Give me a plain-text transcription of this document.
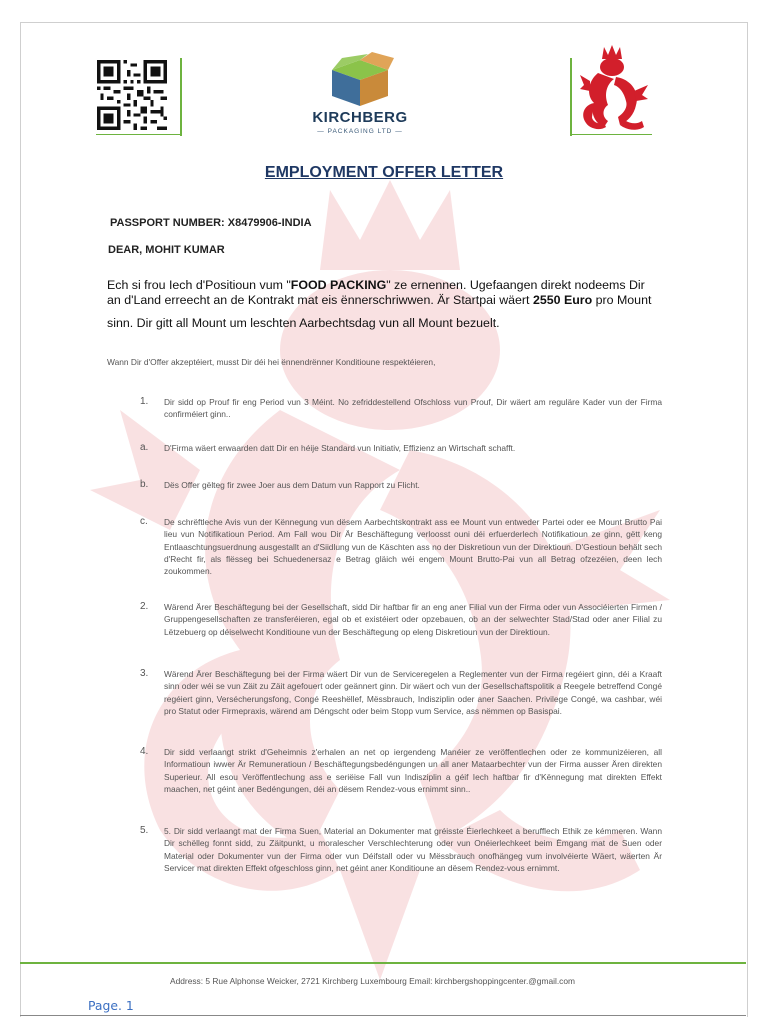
KIRCHBERG
— PACKAGING LTD —
EMPLOYMENT OFFER LETTER
PASSPORT NUMBER: X8479906-INDIA
DEAR, MOHIT KUMAR

Ech si frou Iech d'Positioun vum "FOOD PACKING" ze ernennen. Ugefaangen direkt nodeems Dir an d'Land erreecht an de Kontrakt mat eis ënnerschriwwen. Är Startpai wäert 2550 Euro pro Mount

sinn. Dir gitt all Mount um leschten Aarbechtsdag vun all Mount bezuelt.

Wann Dir d'Offer akzeptéiert, musst Dir déi hei ënnendrënner Konditioune respektéieren,
1.	Dir sidd op Prouf fir eng Period vun 3 Méint. No zefriddestellend Ofschloss vun Prouf, Dir wäert am reguläre Kader vun der Firma confirméiert ginn..
a.	D'Firma wäert erwaarden datt Dir en héije Standard vun Initiativ, Effizienz an Wirtschaft schafft.
b.	Dës Offer gëlteg fir zwee Joer aus dem Datum vun Rapport zu Flicht.
c.	De schrëftleche Avis vun der Kënnegung vun dësem Aarbechtskontrakt ass ee Mount vun entweder Partei oder ee Mount Brutto Pai lieu vun Notifikatioun Period. Am Fall wou Dir Är Beschäftegung verloosst ouni déi erfuerderlech Notifikatioun ze ginn, gëtt keng Entlaaschtungsuerdnung ausgestallt an d'Siidlung vun de Käschten ass no der Diskretioun vun der Direktioun. D'Gestioun behält sech d'Recht fir, als flësseg bei Schuedenersaz e Betrag gläich wéi engem Mount Brutto-Pai vun all Betrag ofzezéien, deen lech zoukommen.
2.	Wärend Ärer Beschäftegung bei der Gesellschaft, sidd Dir haftbar fir an eng aner Filial vun der Firma oder vun Associéierten Firmen / Gruppengesellschaften ze transferéieren, egal ob et existéiert oder opzebauen, ob an der selwechter Stad/Stad oder aner Filial zu Lëtzebuerg op déiselwecht Konditioune vun der Beschäftegung op eleng Diskretioun vun der Direktioun.
3.	Wärend Ärer Beschäftegung bei der Firma wäert Dir vun de Serviceregelen a Reglementer vun der Firma regéiert ginn, déi a Kraaft sinn oder wéi se vun Zäit zu Zäit agefouert oder geännert ginn. Dir wäert och vun der Gesellschaftspolitik a Reegele betreffend Congé regéiert ginn, Versécherungsfong, Congé Reeshëllef, Mëssbrauch, Indisziplin oder aner Saachen. Privilege Congé, wa cashbar, wéi pro Statut oder Firmepraxis, wärend am Déngscht oder beim Stopp vum Service, ass nëmmen op Basispai.
4.	Dir sidd verlaangt strikt d'Geheimnis z'erhalen an net op iergendeng Manéier ze veröffentlechen oder ze kommunizéieren, all Informatioun iwwer Är Remuneratioun / Beschäftegungsbedéngungen un all aner Mataarbechter vun der Firma ausser Ären direkten Superieur. All esou Veröffentlechung ass e seriëise Fall vun Indisziplin a géif Iech haftbar fir d'Kënnegung mat direkten Effekt maachen, net géint aner Bedéngungen, déi an dësem Rendez-vous ernimmt sinn..
5.	5. Dir sidd verlaangt mat der Firma Suen, Material an Dokumenter mat gréisste Éierlechkeet a berufflech Ethik ze kémmeren. Wann Dir schëlleg fonnt sidd, zu Zäitpunkt, u moralescher Verschlechterung oder vun Onéierlechkeet beim Ëmgang mat de Suen oder Material oder Dokumenter vun der Firma oder vun Déifstall oder vu Mëssbrauch onofhängeg vum involvéierte Wäert, wäerten Är Servicer mat direkten Effekt ofgeschloss ginn, net géint aner Konditioune an dësem Rendez-vous ernimmt.
Address: 5 Rue Alphonse Weicker, 2721 Kirchberg Luxembourg Email: kirchbergshoppingcenter.@gmail.com
Page. 1
